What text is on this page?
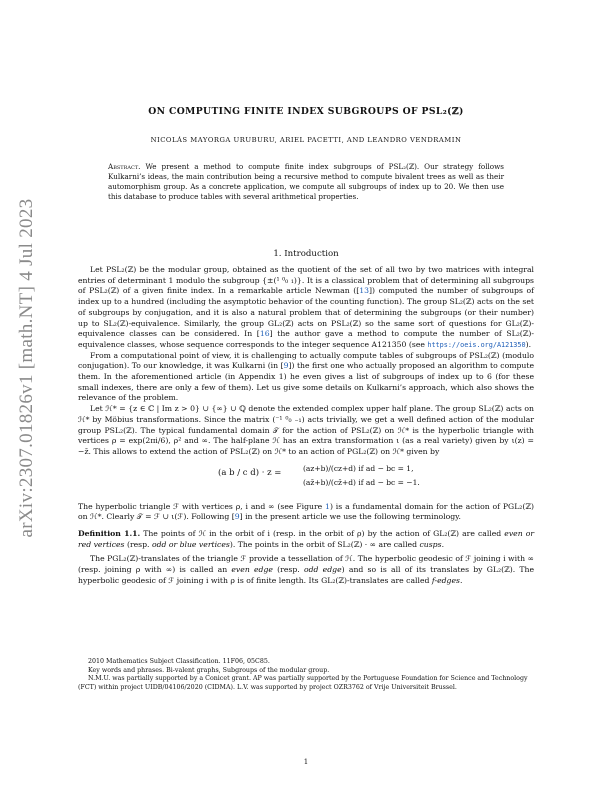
arXiv:2307.01826v1 [math.NT] 4 Jul 2023
ON COMPUTING FINITE INDEX SUBGROUPS OF PSL₂(ℤ)
NICOLÁS MAYORGA URUBURU, ARIEL PACETTI, AND LEANDRO VENDRAMIN
Abstract. We present a method to compute finite index subgroups of PSL₂(ℤ). Our strategy follows Kulkarni’s ideas, the main contribution being a recursive method to compute bivalent trees as well as their automorphism group. As a concrete application, we compute all subgroups of index up to 20. We then use this database to produce tables with several arithmetical properties.
1. Introduction

Let PSL₂(ℤ) be the modular group, obtained as the quotient of the set of all two by two matrices with integral entries of determinant 1 modulo the subgroup {±(¹ ⁰₀ ₁)}. It is a classical problem that of determining all subgroups of PSL₂(ℤ) of a given finite index. In a remarkable article Newman ([13]) computed the number of subgroups of index up to a hundred (including the asymptotic behavior of the counting function). The group SL₂(ℤ) acts on the set of subgroups by conjugation, and it is also a natural problem that of determining the subgroups (or their number) up to SL₂(ℤ)-equivalence. Similarly, the group GL₂(ℤ) acts on PSL₂(ℤ) so the same sort of questions for GL₂(ℤ)-equivalence classes can be considered. In [16] the author gave a method to compute the number of SL₂(ℤ)-equivalence classes, whose sequence corresponds to the integer sequence A121350 (see https://oeis.org/A121350).

From a computational point of view, it is challenging to actually compute tables of subgroups of PSL₂(ℤ) (modulo conjugation). To our knowledge, it was Kulkarni (in [9]) the first one who actually proposed an algorithm to compute them. In the aforementioned article (in Appendix 1) he even gives a list of subgroups of index up to 6 (for these small indexes, there are only a few of them). Let us give some details on Kulkarni’s approach, which also shows the relevance of the problem.

Let ℋ* = {z ∈ ℂ | Im z > 0} ∪ {∞} ∪ ℚ denote the extended complex upper half plane. The group SL₂(ℤ) acts on ℋ* by Möbius transformations. Since the matrix (⁻¹ ⁰₀ ₋₁) acts trivially, we get a well defined action of the modular group PSL₂(ℤ). The typical fundamental domain 𝒯 for the action of PSL₂(ℤ) on ℋ* is the hyperbolic triangle with vertices ρ = exp(2πi/6), ρ² and ∞. The half-plane ℋ has an extra transformation ι (as a real variety) given by ι(z) = −z̄. This allows to extend the action of PSL₂(ℤ) on ℋ* to an action of PGL₂(ℤ) on ℋ* given by

(a b / c d) · z =	(az+b)/(cz+d) if ad − bc = 1,
(az̄+b)/(cz̄+d) if ad − bc = −1.

The hyperbolic triangle ℱ with vertices ρ, i and ∞ (see Figure 1) is a fundamental domain for the action of PGL₂(ℤ) on ℋ*. Clearly 𝒯 = ℱ ∪ ι(ℱ). Following [9] in the present article we use the following terminology.

Definition 1.1. The points of ℋ in the orbit of i (resp. in the orbit of ρ) by the action of GL₂(ℤ) are called even or red vertices (resp. odd or blue vertices). The points in the orbit of SL₂(ℤ) · ∞ are called cusps.

The PGL₂(ℤ)-translates of the triangle ℱ provide a tessellation of ℋ. The hyperbolic geodesic of ℱ joining i with ∞ (resp. joining ρ with ∞) is called an even edge (resp. odd edge) and so is all of its translates by GL₂(ℤ). The hyperbolic geodesic of ℱ joining i with ρ is of finite length. Its GL₂(ℤ)-translates are called f-edges.

2010 Mathematics Subject Classification. 11F06, 05C85.

Key words and phrases. Bi-valent graphs, Subgroups of the modular group.

N.M.U. was partially supported by a Conicet grant. AP was partially supported by the Portuguese Foundation for Science and Technology (FCT) within project UIDB/04106/2020 (CIDMA). L.V. was supported by project OZR3762 of Vrije Universiteit Brussel.

1
